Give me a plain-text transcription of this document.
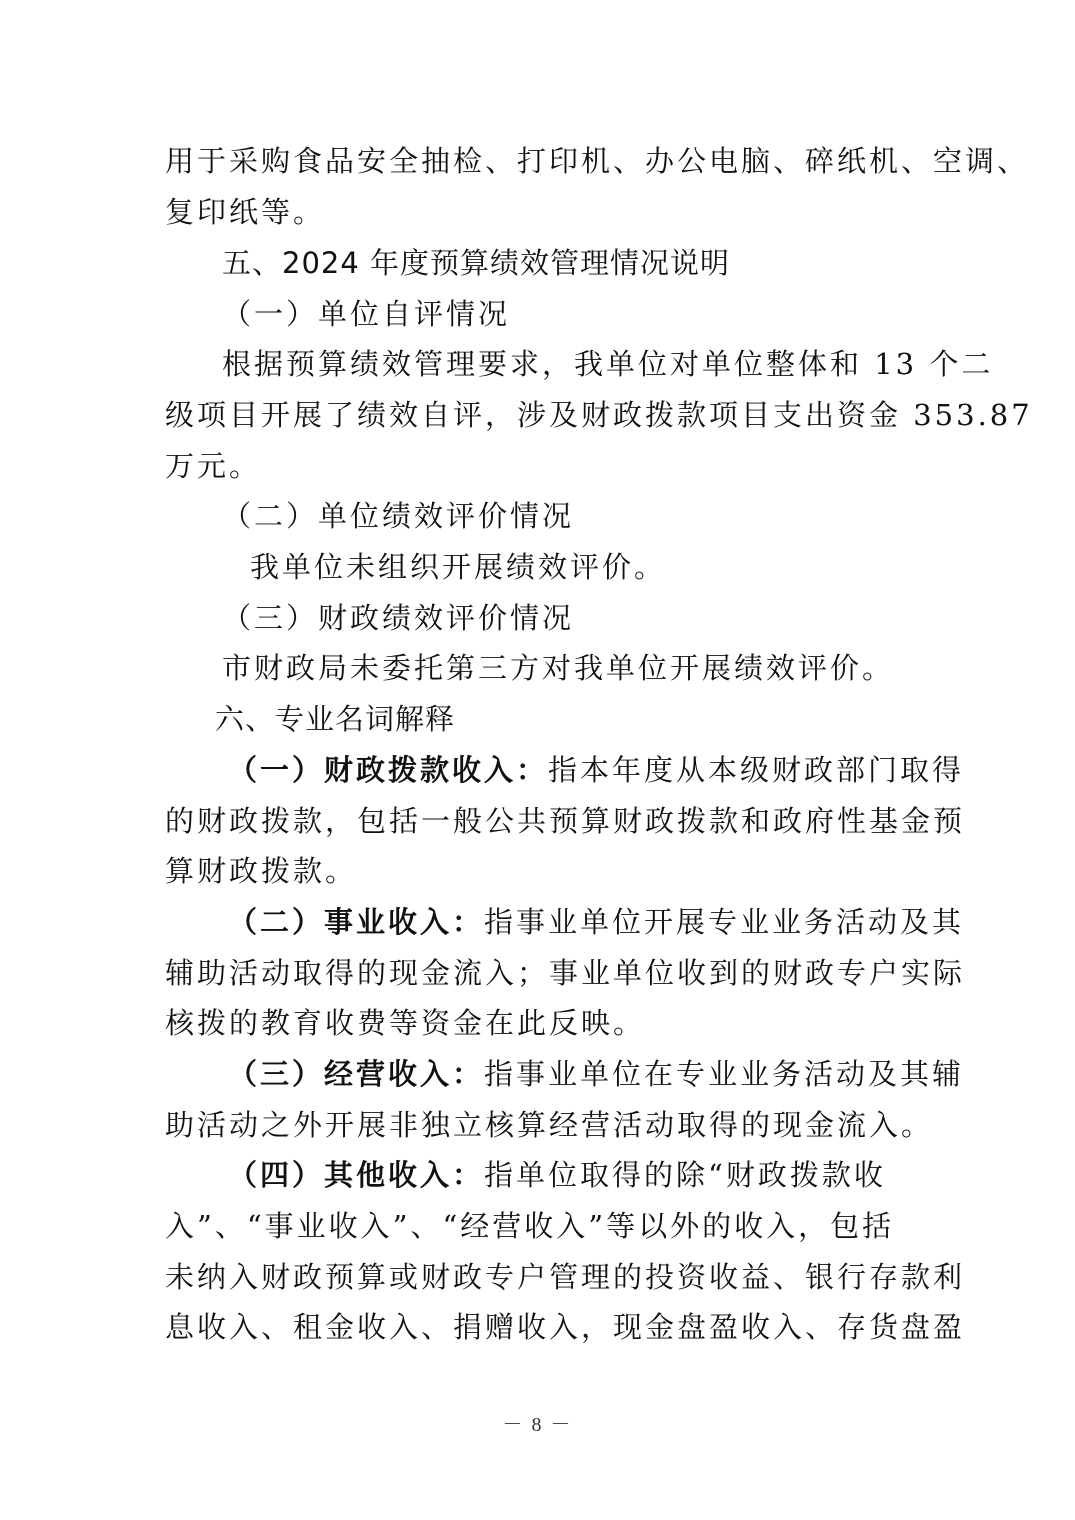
用于采购食品安全抽检、打印机、办公电脑、碎纸机、空调、
复印纸等。
五、2024 年度预算绩效管理情况说明
（一）单位自评情况
根据预算绩效管理要求，我单位对单位整体和 13 个二
级项目开展了绩效自评，涉及财政拨款项目支出资金 353.87
万元。
（二）单位绩效评价情况
我单位未组织开展绩效评价。
（三）财政绩效评价情况
市财政局未委托第三方对我单位开展绩效评价。
六、专业名词解释
（一）财政拨款收入：指本年度从本级财政部门取得
的财政拨款，包括一般公共预算财政拨款和政府性基金预
算财政拨款。
（二）事业收入：指事业单位开展专业业务活动及其
辅助活动取得的现金流入；事业单位收到的财政专户实际
核拨的教育收费等资金在此反映。
（三）经营收入：指事业单位在专业业务活动及其辅
助活动之外开展非独立核算经营活动取得的现金流入。
（四）其他收入：指单位取得的除“财政拨款收
入”、“事业收入”、“经营收入”等以外的收入，包括
未纳入财政预算或财政专户管理的投资收益、银行存款利
息收入、租金收入、捐赠收入，现金盘盈收入、存货盘盈
－ 8 －
